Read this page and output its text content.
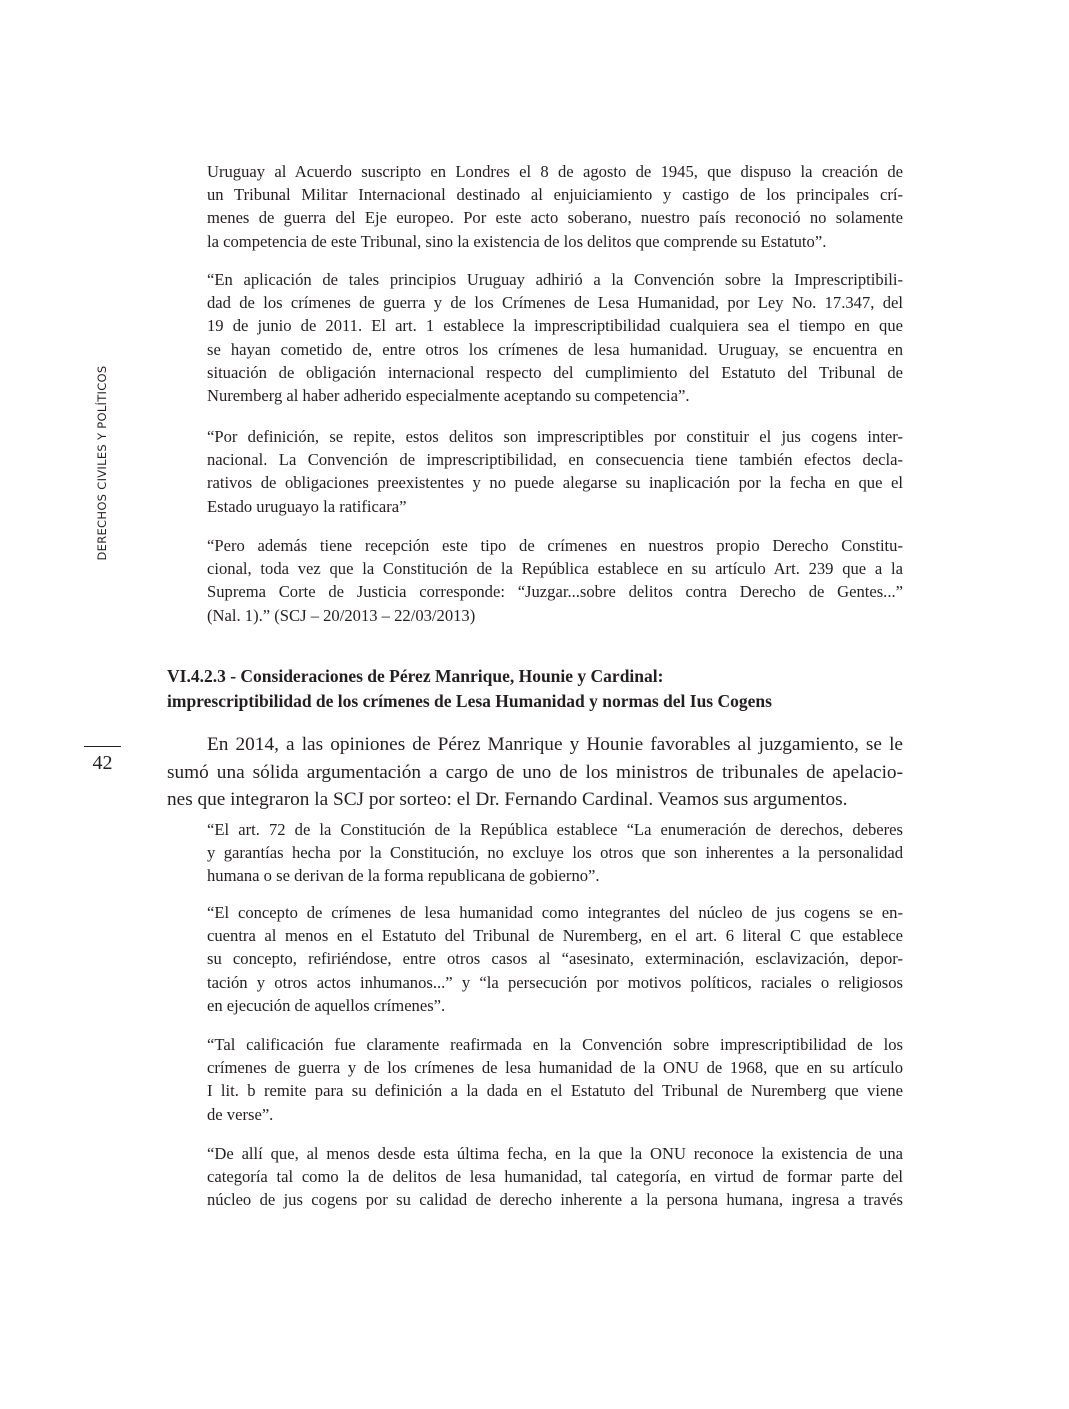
DERECHOS CIVILES Y POLÍTICOS
42

Uruguay al Acuerdo suscripto en Londres el 8 de agosto de 1945, que dispuso la creación de
un Tribunal Militar Internacional destinado al enjuiciamiento y castigo de los principales crí-
menes de guerra del Eje europeo. Por este acto soberano, nuestro país reconoció no solamente
la competencia de este Tribunal, sino la existencia de los delitos que comprende su Estatuto”.

“En aplicación de tales principios Uruguay adhirió a la Convención sobre la Imprescriptibili-
dad de los crímenes de guerra y de los Crímenes de Lesa Humanidad, por Ley No. 17.347, del
19 de junio de 2011. El art. 1 establece la imprescriptibilidad cualquiera sea el tiempo en que
se hayan cometido de, entre otros los crímenes de lesa humanidad. Uruguay, se encuentra en
situación de obligación internacional respecto del cumplimiento del Estatuto del Tribunal de
Nuremberg al haber adherido especialmente aceptando su competencia”.

“Por definición, se repite, estos delitos son imprescriptibles por constituir el jus cogens inter-
nacional. La Convención de imprescriptibilidad, en consecuencia tiene también efectos decla-
rativos de obligaciones preexistentes y no puede alegarse su inaplicación por la fecha en que el
Estado uruguayo la ratificara”

“Pero además tiene recepción este tipo de crímenes en nuestros propio Derecho Constitu-
cional, toda vez que la Constitución de la República establece en su artículo Art. 239 que a la
Suprema Corte de Justicia corresponde: “Juzgar...sobre delitos contra Derecho de Gentes...”
(Nal. 1).” (SCJ – 20/2013 – 22/03/2013)

VI.4.2.3 - Consideraciones de Pérez Manrique, Hounie y Cardinal:
imprescriptibilidad de los crímenes de Lesa Humanidad y normas del Ius Cogens

En 2014, a las opiniones de Pérez Manrique y Hounie favorables al juzgamiento, se le
sumó una sólida argumentación a cargo de uno de los ministros de tribunales de apelacio-
nes que integraron la SCJ por sorteo: el Dr. Fernando Cardinal. Veamos sus argumentos.

“El art. 72 de la Constitución de la República establece “La enumeración de derechos, deberes
y garantías hecha por la Constitución, no excluye los otros que son inherentes a la personalidad
humana o se derivan de la forma republicana de gobierno”.

“El concepto de crímenes de lesa humanidad como integrantes del núcleo de jus cogens se en-
cuentra al menos en el Estatuto del Tribunal de Nuremberg, en el art. 6 literal C que establece
su concepto, refiriéndose, entre otros casos al “asesinato, exterminación, esclavización, depor-
tación y otros actos inhumanos...” y “la persecución por motivos políticos, raciales o religiosos
en ejecución de aquellos crímenes”.

“Tal calificación fue claramente reafirmada en la Convención sobre imprescriptibilidad de los
crímenes de guerra y de los crímenes de lesa humanidad de la ONU de 1968, que en su artículo
I lit. b remite para su definición a la dada en el Estatuto del Tribunal de Nuremberg que viene
de verse”.

“De allí que, al menos desde esta última fecha, en la que la ONU reconoce la existencia de una
categoría tal como la de delitos de lesa humanidad, tal categoría, en virtud de formar parte del
núcleo de jus cogens por su calidad de derecho inherente a la persona humana, ingresa a través
